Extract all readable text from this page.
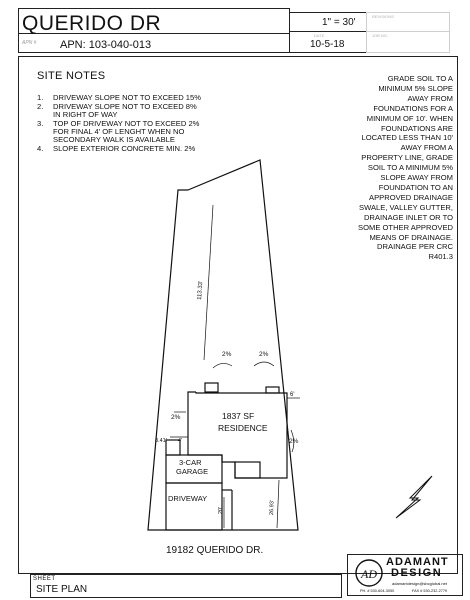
QUERIDO DR
APN # APN: 103-040-013
1" = 30'
10-5-18
DATE
REVISIONS
JOB NO.
SITE NOTES
1.	DRIVEWAY SLOPE NOT TO EXCEED 15%
2.	DRIVEWAY SLOPE NOT TO EXCEED 8% IN RIGHT OF WAY
3.	TOP OF DRIVEWAY NOT TO EXCEED 2% FOR FINAL 4' OF LENGHT WHEN NO SECONDARY WALK IS AVAILABLE
4.	SLOPE EXTERIOR CONCRETE MIN. 2%
GRADE SOIL TO A
MINIMUM 5% SLOPE
AWAY FROM
FOUNDATIONS FOR A
MINIMUM OF 10'. WHEN
FOUNDATIONS ARE
LOCATED LESS THAN 10'
AWAY FROM A
PROPERTY LINE, GRADE
SOIL TO A MINIMUM 5%
SLOPE AWAY FROM
FOUNDATION TO AN
APPROVED DRAINAGE
SWALE, VALLEY GUTTER,
DRAINAGE INLET OR TO
SOME OTHER APPROVED
MEANS OF DRAINAGE.
DRAINAGE PER CRC
R401.3
113.33'
1837 SF
RESIDENCE
3-CAR
GARAGE
DRIVEWAY
2%	2%
2%
2%
6'
8.41' 4'
20'	26.93'
19182 QUERIDO DR.
SHEET
SITE PLAN
AD
ADAMANT
DESIGN
adamantdesign@sbcglobal.net
PH. # 530-604-3050	FAX # 530-232-2779
